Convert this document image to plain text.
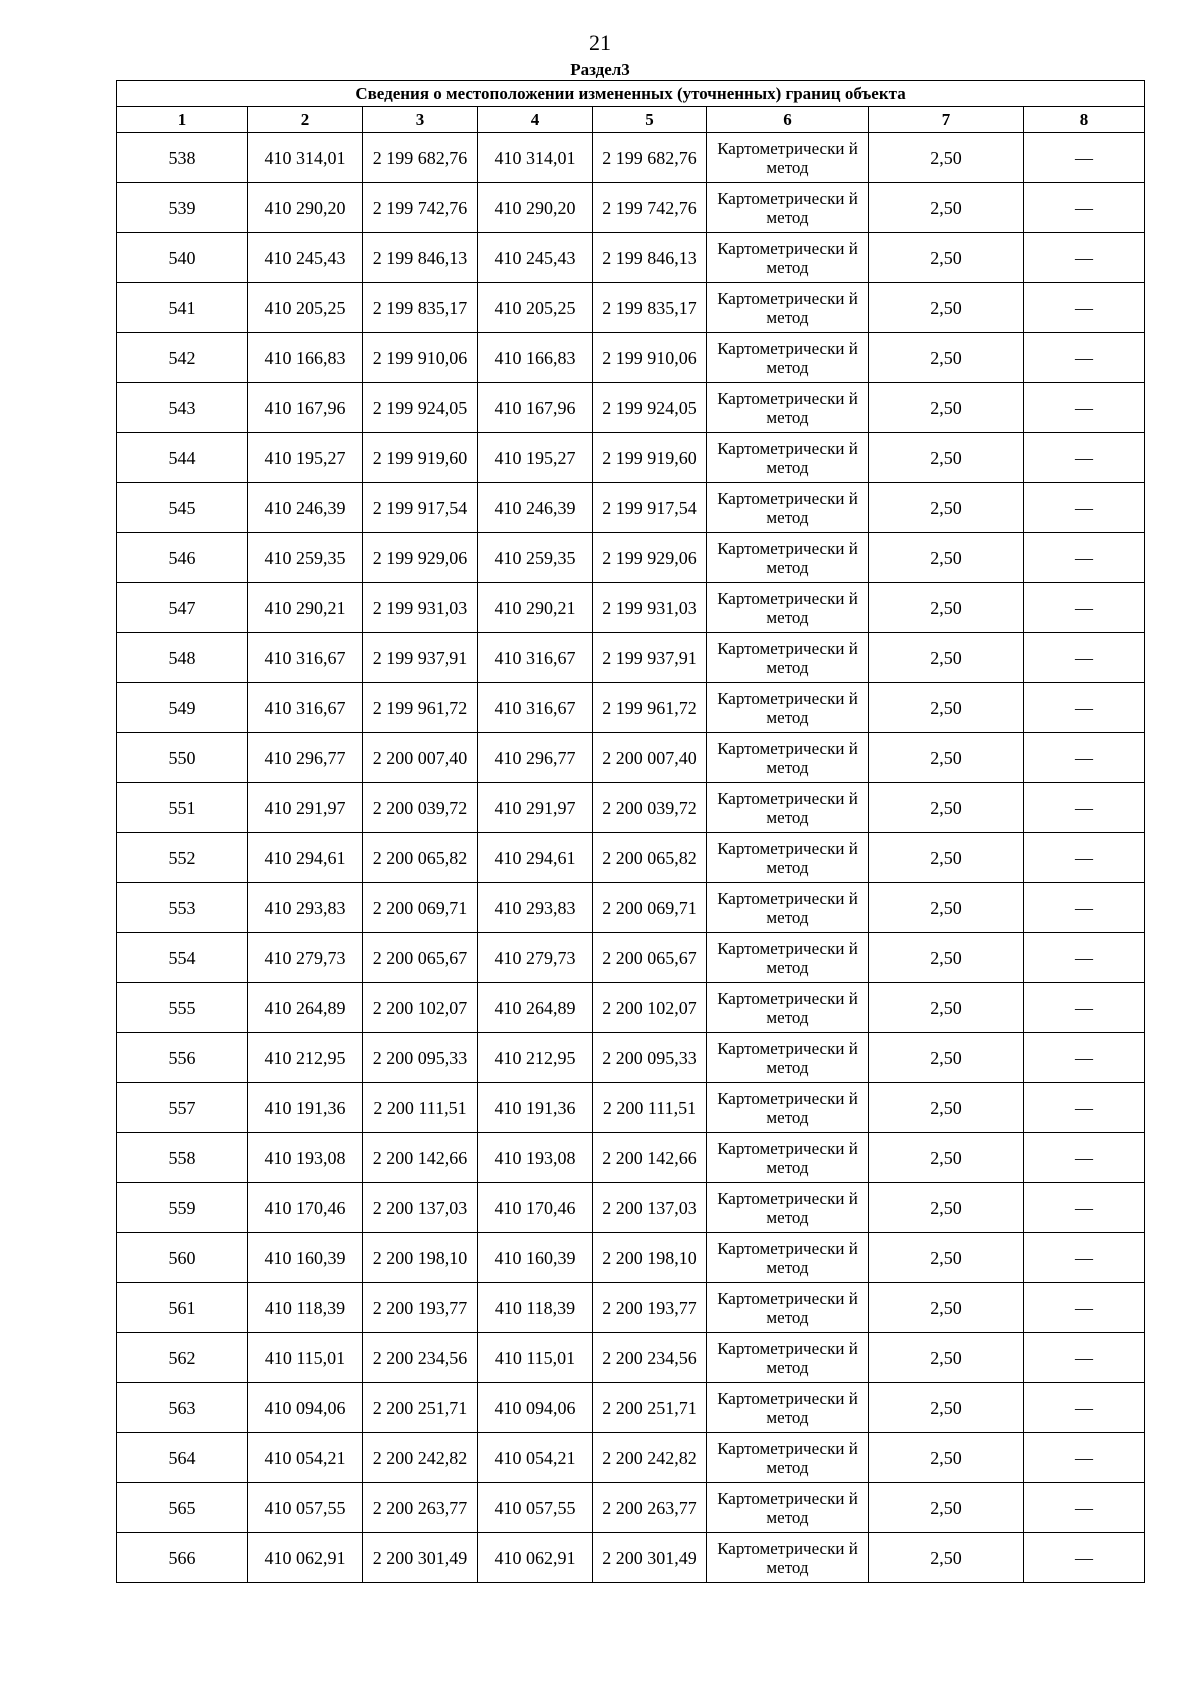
21
Раздел3
Сведения о местоположении измененных (уточненных) границ объекта							
1	2	3	4	5	6	7	8
538	410 314,01	2 199 682,76	410 314,01	2 199 682,76	Картометрически й метод	2,50	—
539	410 290,20	2 199 742,76	410 290,20	2 199 742,76	Картометрически й метод	2,50	—
540	410 245,43	2 199 846,13	410 245,43	2 199 846,13	Картометрически й метод	2,50	—
541	410 205,25	2 199 835,17	410 205,25	2 199 835,17	Картометрически й метод	2,50	—
542	410 166,83	2 199 910,06	410 166,83	2 199 910,06	Картометрически й метод	2,50	—
543	410 167,96	2 199 924,05	410 167,96	2 199 924,05	Картометрически й метод	2,50	—
544	410 195,27	2 199 919,60	410 195,27	2 199 919,60	Картометрически й метод	2,50	—
545	410 246,39	2 199 917,54	410 246,39	2 199 917,54	Картометрически й метод	2,50	—
546	410 259,35	2 199 929,06	410 259,35	2 199 929,06	Картометрически й метод	2,50	—
547	410 290,21	2 199 931,03	410 290,21	2 199 931,03	Картометрически й метод	2,50	—
548	410 316,67	2 199 937,91	410 316,67	2 199 937,91	Картометрически й метод	2,50	—
549	410 316,67	2 199 961,72	410 316,67	2 199 961,72	Картометрически й метод	2,50	—
550	410 296,77	2 200 007,40	410 296,77	2 200 007,40	Картометрически й метод	2,50	—
551	410 291,97	2 200 039,72	410 291,97	2 200 039,72	Картометрически й метод	2,50	—
552	410 294,61	2 200 065,82	410 294,61	2 200 065,82	Картометрически й метод	2,50	—
553	410 293,83	2 200 069,71	410 293,83	2 200 069,71	Картометрически й метод	2,50	—
554	410 279,73	2 200 065,67	410 279,73	2 200 065,67	Картометрически й метод	2,50	—
555	410 264,89	2 200 102,07	410 264,89	2 200 102,07	Картометрически й метод	2,50	—
556	410 212,95	2 200 095,33	410 212,95	2 200 095,33	Картометрически й метод	2,50	—
557	410 191,36	2 200 111,51	410 191,36	2 200 111,51	Картометрически й метод	2,50	—
558	410 193,08	2 200 142,66	410 193,08	2 200 142,66	Картометрически й метод	2,50	—
559	410 170,46	2 200 137,03	410 170,46	2 200 137,03	Картометрически й метод	2,50	—
560	410 160,39	2 200 198,10	410 160,39	2 200 198,10	Картометрически й метод	2,50	—
561	410 118,39	2 200 193,77	410 118,39	2 200 193,77	Картометрически й метод	2,50	—
562	410 115,01	2 200 234,56	410 115,01	2 200 234,56	Картометрически й метод	2,50	—
563	410 094,06	2 200 251,71	410 094,06	2 200 251,71	Картометрически й метод	2,50	—
564	410 054,21	2 200 242,82	410 054,21	2 200 242,82	Картометрически й метод	2,50	—
565	410 057,55	2 200 263,77	410 057,55	2 200 263,77	Картометрически й метод	2,50	—
566	410 062,91	2 200 301,49	410 062,91	2 200 301,49	Картометрически й метод	2,50	—
